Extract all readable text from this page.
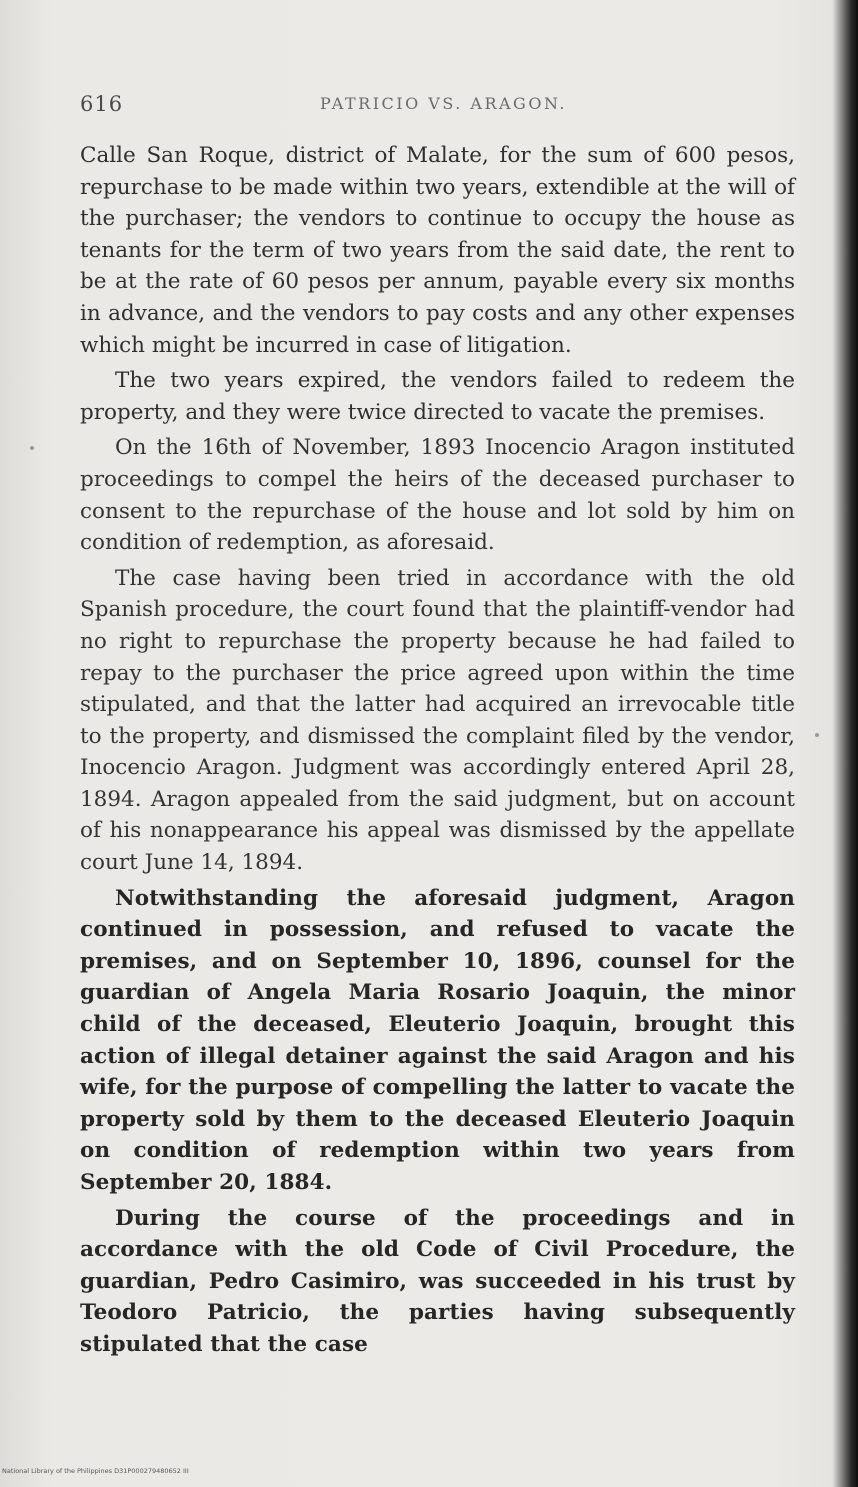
616	PATRICIO VS. ARAGON.

Calle San Roque, district of Malate, for the sum of 600 pesos, repurchase to be made within two years, extendible at the will of the purchaser; the vendors to continue to occupy the house as tenants for the term of two years from the said date, the rent to be at the rate of 60 pesos per annum, payable every six months in advance, and the vendors to pay costs and any other expenses which might be incurred in case of litigation.

The two years expired, the vendors failed to redeem the property, and they were twice directed to vacate the premises.

On the 16th of November, 1893 Inocencio Aragon instituted proceedings to compel the heirs of the deceased purchaser to consent to the repurchase of the house and lot sold by him on condition of redemption, as aforesaid.

The case having been tried in accordance with the old Spanish procedure, the court found that the plaintiff-vendor had no right to repurchase the property because he had failed to repay to the purchaser the price agreed upon within the time stipulated, and that the latter had acquired an irrevocable title to the property, and dismissed the complaint filed by the vendor, Inocencio Aragon. Judgment was accordingly entered April 28, 1894. Aragon appealed from the said judgment, but on account of his nonappearance his appeal was dismissed by the appellate court June 14, 1894.

Notwithstanding the aforesaid judgment, Aragon continued in possession, and refused to vacate the premises, and on September 10, 1896, counsel for the guardian of Angela Maria Rosario Joaquin, the minor child of the deceased, Eleuterio Joaquin, brought this action of illegal detainer against the said Aragon and his wife, for the purpose of compelling the latter to vacate the property sold by them to the deceased Eleuterio Joaquin on condition of redemption within two years from September 20, 1884.

During the course of the proceedings and in accordance with the old Code of Civil Procedure, the guardian, Pedro Casimiro, was succeeded in his trust by Teodoro Patricio, the parties having subsequently stipulated that the case

National Library of the Philippines D31P000279480652 III
